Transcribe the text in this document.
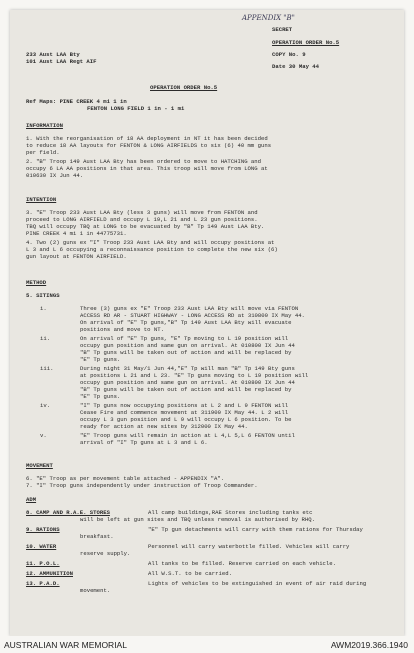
APPENDIX "B"
SECRET
OPERATION ORDER No.5
COPY No. 9
Date 30 May 44
233 Aust LAA Bty
101 Aust LAA Regt AIF
OPERATION ORDER No.5
Ref Maps: PINE CREEK 4 mi 1 in
FENTON LONG FIELD 1 in - 1 mi
INFORMATION
1. With the reorganisation of 18 AA deployment in NT it has been decided
to reduce 18 AA layouts for FENTON & LONG AIRFIELDS to six (6) 40 mm guns
per field.
2. "B" Troop 149 Aust LAA Bty has been ordered to move to HATCHING and
occupy 6 LA AA positions in that area. This troop will move from LONG at
010630 IX Jun 44.
INTENTION
3. "E" Troop 233 Aust LAA Bty (less 3 guns) will move from FENTON and
proceed to LONG AIRFIELD and occupy L 19,L 21 and L 23 gun positions.
TBQ will occupy TBQ at LONG to be evacuated by "B" Tp 149 Aust LAA Bty.
PINE CREEK 4 mi 1 in 44775731.
4. Two (2) guns ex "I" Troop 233 Aust LAA Bty and will occupy positions at
L 3 and L 6 occupying a reconnaissance position to complete the new six (6)
gun layout at FENTON AIRFIELD.
METHOD
5. SITINGS
i.	Three (3) guns ex "E" Troop 233 Aust LAA Bty will move via FENTON
ACCESS RD AR - STUART HIGHWAY - LONG ACCESS RD at 310800 IX May 44.
On arrival of "E" Tp guns,"B" Tp 149 Aust LAA Bty will evacuate
positions and move to NT.
ii.	On arrival of "E" Tp guns, "E" Tp moving to L 19 position will
occupy gun position and same gun on arrival. At 010800 IX Jun 44
"B" Tp guns will be taken out of action and will be replaced by
"E" Tp guns.
iii.	During night 31 May/1 Jun 44,"E" Tp will man "B" Tp 149 Bty guns
at positions L 21 and L 23. "E" Tp guns moving to L 19 position will
occupy gun position and same gun on arrival. At 010800 IX Jun 44
"B" Tp guns will be taken out of action and will be replaced by
"E" Tp guns.
iv.	"I" Tp guns now occupying positions at L 2 and L 9 FENTON will
Cease Fire and commence movement at 311900 IX May 44. L 2 will
occupy L 3 gun position and L 9 will occupy L 6 position. To be
ready for action at new sites by 312000 IX May 44.
v.	"E" Troop guns will remain in action at L 4,L 5,L 6 FENTON until
arrival of "I" Tp guns at L 3 and L 6.
MOVEMENT
6. "E" Troop as per movement table attached - APPENDIX "A".
7. "I" Troop guns independently under instruction of Troop Commander.
ADM
8. CAMP AND R.A.E. STORES	All camp buildings,RAE Stores including tanks etc
will be left at gun sites and TBQ unless removal is authorised by RHQ.
9. RATIONS	"E" Tp gun detachments will carry with them rations for Thursday
breakfast.
10. WATER	Personnel will carry waterbottle filled. Vehicles will carry
reserve supply.
11. P.O.L.	All tanks to be filled. Reserve carried on each vehicle.
12. AMMUNITION	All W.S.T. to be carried.
13. P.A.D.	Lights of vehicles to be extinguished in event of air raid during
movement.
AUSTRALIAN WAR MEMORIAL	AWM2019.366.1940
